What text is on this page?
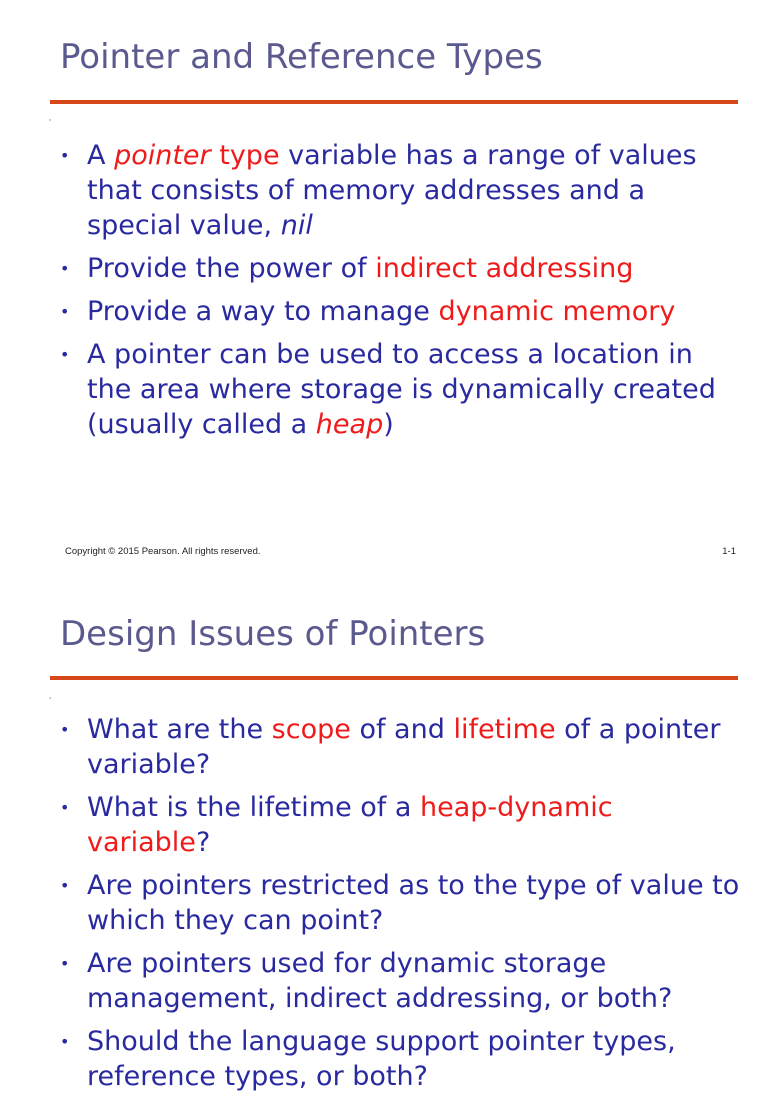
Pointer and Reference Types
'
• A pointer type variable has a range of values that consists of memory addresses and a special value, nil
• Provide the power of indirect addressing
• Provide a way to manage dynamic memory
• A pointer can be used to access a location in the area where storage is dynamically created (usually called a heap)
Copyright © 2015 Pearson. All rights reserved.	1-1
Design Issues of Pointers
'
• What are the scope of and lifetime of a pointer variable?
• What is the lifetime of a heap-dynamic variable?
• Are pointers restricted as to the type of value to which they can point?
• Are pointers used for dynamic storage management, indirect addressing, or both?
• Should the language support pointer types, reference types, or both?
